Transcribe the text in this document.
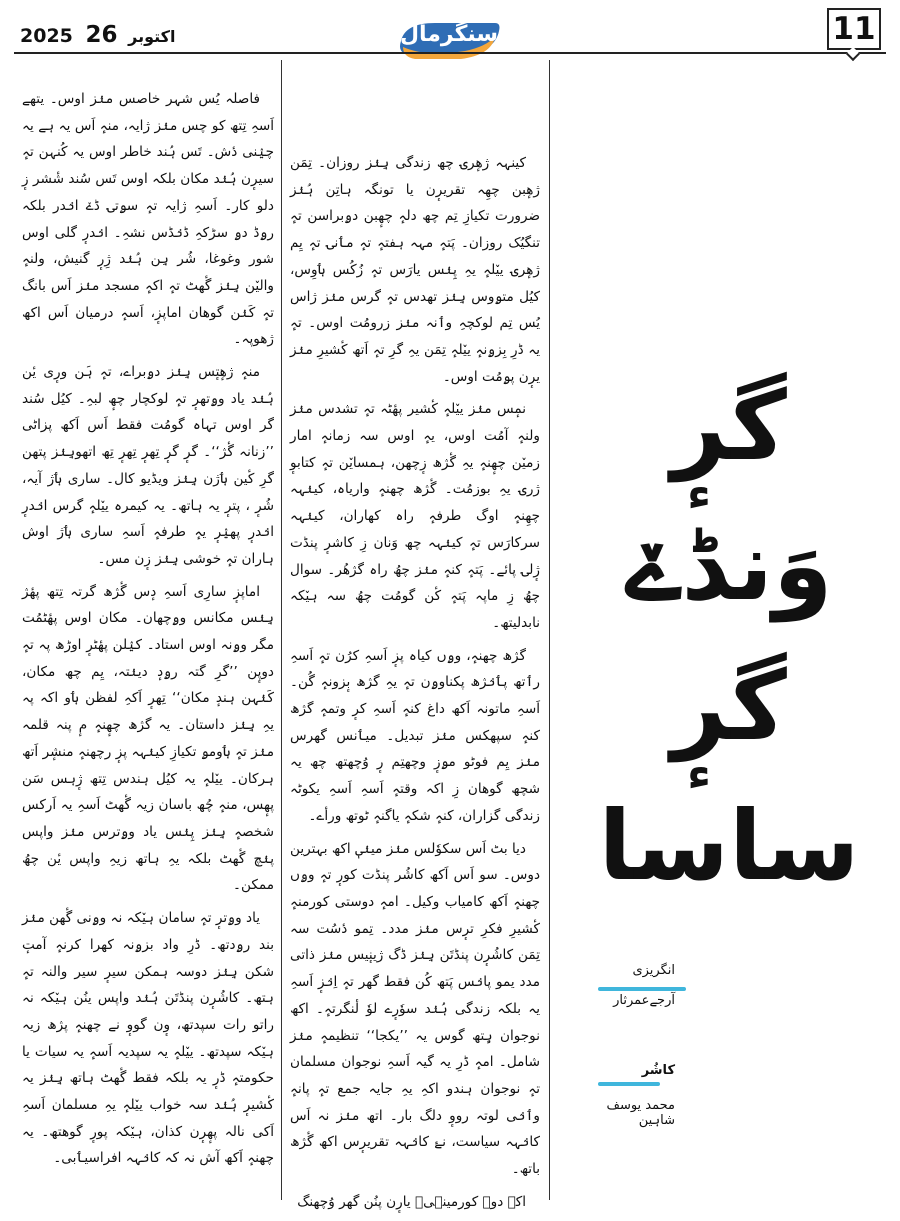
2025	اکتوبر 26	سنگرمال	11
گرٕ
وَنڈےٚ
گرٕ
ساسا
انگریزی
آرجےعمرثار
کاشُر
محمد یوسف شاہین

کینہہ ژھٕرۍ چھ زندگی ہِنٛز روزان۔ تِمَن ژھٕبن چھِہ تقریرٕن یا تونگہ ہاتِن ہُنٛز ضرورت تکیازِ تِم چھ دلہٕ چھٕبن دۄبراسن تہٕ تنگیُک روزان۔ پَتہٕ مہہ ہفتہٕ تہٕ مٲنۍ تہٕ یِم ژھٕرۍ ییٚلہٕ یہِ پِنٛس یارَس تہٕ زُکُس ہٲوِس، کیُل متۄوس ہِنٛز تھدس تہٕ گرس منٛز ژاس یُس تِم لوکچہِ وٲنہ منٛز زرومُت اوس۔ تہٕ یہ ڈرِ بِزۄنہٕ ییٚلہٕ تِمَن یہِ گرِ تہٕ اَتھ کٔشیرِ منٛز یرٕن پۄمُت اوس۔

نمٕس منٛز ییٚلہٕ کٔشیر پھٔٹہ تہٕ تشدس منٛز ولنہٕ آمُت اوس، یہٕ اوس سہ زمانہٕ امار زمیٚن چھٕنہٕ یہِ گٔژھ زٕچھن، ہمسایٚن تہٕ کتابوٕ ژرۍ یہِ بوزمُت۔ گٔژھ چھنہٕ واریاہ، کینٛہہ چھِنہٕ اوگ طرفہٕ راہ کھاران، کینٛہہ سرکارَس تہٕ کینٛہہ چھ وَنان زِ کاشرٕ پنڈت ژٕلۍ پائے۔ پَتہٕ کنہٕ منٛز چھُ راہ گژھُر۔ سوال چھُ زِ ماپہ پَتہٕ کٔن گومُت چھُ سہ ہیٚکہ نابدلیتھ۔

گژھ چھنہٕ، وۄں کیاہ پزٕ اَسہِ کرُن تہٕ اَسہِ رٲتھ پٲنٛژھ پکناوۄن تہٕ یہِ گژھ بٕزونہٕ گُن۔ اَسہِ ماتونہ اَکھ داغ کنہٕ اَسہِ کرٕ وتمہٕ گژھ کنہٕ سپھکس منٛز تبدیل۔ میٲنس گھرس منٛز یِم فوٹو مۄزٕ وچھتِم رٕ وُچھتھ چھ یہ شچھ گوھان زِ اکہ وقتہٕ اَسہِ اَسہِ یکوٹہ زندگی گزاران، کنہٕ شکہٕ یاگنہٕ ٹوتھ ورأے۔

دیا بٹ اَس سکوٗلس منٛز مینٛیٖ اکھ بہترین دوس۔ سو اَس اَکھ کاشُر پنڈت کورٕ تہٕ وۄں چھنہٕ اَکھ کامیاب وکیل۔ امہٕ دوستی کورمنہٕ کٔشیرِ فکرِ ترٕس منٛز مدد۔ تِمو دٔسُت سہ تِمَن کاشُرٕن پنڈتَن ہِنٛز ڈگ ژینٕیس منٛز ذاتی مدد یمو پانٛس پَتھ کُن فقط گھر تہٕ اِنٛزٕ اَسہِ یہ بلکہ زندگی ہُنٛد سوٗرٕے لوٗ لٔنگرتہٕ۔ اکھ نوجوان ہٕتھ گوس یہ ’’یکجا‘‘ تنظیمہٕ منٛز شامل۔ امہٕ ڈرِ یہ گیہ اَسہِ نوجوان مسلمان تہٕ نوجوان ہندو اکہِ یہِ جایہ جمع تہٕ پانہٕ وٲنٛی لوتہ رووٕ دلگ بار۔ اتھ منٛز نہ اَس کانٛہہ سیاست، نۓ کانٛہہ تقریرٕس اکھ گٔژھ باتھ۔

اکہ دوہ کورمینٛیٖ یارٕن پنُن گھر وُچھنگ

فاصلہ یُس شہر خاصس منٛز اوس۔ یتھے اَسہِ تِتھ کو چس منٛز ژایہ، منہٕ اَس یہ ہے یہ چیٛنی دٔش۔ تَس ہُند خاطر اوس یہ کُنہن تہٕ سیرٕن ہُنٛد مکان بلکہ اوس تَس سُند شٔشر زٕ دلو کار۔ اَسہِ ژایہ تہٕ سۄتۍ ڈےٚ انٛدر بلکہ رۄڈ دۄ سڑکہِ ڈنٛڈس نشہِ۔ انٛدرٕ گلی اوس شور وغوغا، شُر ہِن ہُنٛد ژِرٕ گنیش، ولنہٕ والیٚن ہِنٛز گٔھٹ تہٕ اکہٕ مسجد منٛز اَس بانگ تہٕ کَنٛن گوھان اماپزٕ، اَسہٕ درمیان اَس اکھ ژھوپہ۔

منہٕ ژھٕتٕس ہِنٛز دۄبراے، تہٕ ہَن ورٕی یٔن ہُنٛد یاد وۄتھرٕ تہٕ لوکچار چھٕ لبہِ۔ کیُل سُند گر اوس تہاہ گومُت فقط اَس اَکھ پزاٹی ’’زنانہ گٔژ‘‘۔ گرٕ گرٕ تِھرٕ تِھرٕ تِھ اتھوہِنٛز پتھن گرِ کٔین ہٲژن ہِنٛز ویڈیو کال۔ ساری ہٲژ آیہ، شُرٕ ، پترٕ یہ ہاتھ۔ یہ کیمرہ ییٚلہٕ گرس انٛدرٕ انٛدرٕ پھیٛرٕ یہٕ طرفہٕ اَسہِ ساری ہٲژ اوش ہاران تہٕ خوشی ہِنٛز زٕن مس۔

اماپزٕ سارِی اَسہِ دٕس گٔژھ گرتہ تِتھ پھٔژ ہِنٛس مکانس وۄچھان۔ مکان اوس پھٔٹمُت مگر وۄنہ اوس استاد۔ کیٛلن پھٔٹرٕ اوڑھ پہ تہٕ دوپٕن ’’گرِ گتہ رۄدٕ دینٛتہ، یِم چھ مکان، کَنٛہن ہندٕ مکان‘‘ تِھرٕ اَکہِ لفظن ہٲو اکہ پہ یہِ ہِنٛز داستان۔ یہ گژھ چھٕنہٕ مٕ پنہ قلمہ منٛز تہٕ ہٲومۄ تکیازِ کینٛہہ پزٕ رچھنہٕ منشٕر اَتھ ہرکان۔ ییٚلہٕ یہ کیُل ہندس تِتھ ژٕہس سَن پھٕس، منہٕ چُھ باسان زیہ گٔھٹ اَسہِ یہ اَرکس شخصہٕ ہِنٛز پِنٛس یاد وۄترس منٛز واپس پنٛچ گٔھٹ بلکہ یہِ ہاتھ زیہِ واپس یٔن چھُ ممکن۔

یاد وۄترٕ تہٕ سامان ہیٚکہ نہ وۄنی گٔھن منٛز بند رۄدتھ۔ ڈرِ واد بزۄنہ کھرا کرنہٕ آمتٕ شکن ہِنٛز دوسہ ہمکن سیرٕ سیر والنہ تہٕ ہتھ۔ کاشُرٕن پنڈتَن ہُنٛد واپس ینُن ہیٚکہ نہ راتو رات سپدتھ، وٕن گووٕ نے چھنہٕ پژھ زیہ ہیٚکہ سپدتھ۔ ییٚلہٕ یہ سپدیہ اَسہٕ یہ سیات یا حکومتہٕ ڈرٕ یہ بلکہ فقط گٔھٹ ہاتھ ہِنٛز یہ کٔشیرٕ ہُنٛد سہ خواب ییٚلہٕ یہِ مسلمان اَسہِ اَکی نالہ پھٕرٕن کذان، ہیٚکہ پورٕ گوھتھ۔ یہ چھنہٕ اَکھ آش نہ کہ کانٛہہ افراسیٲبی۔
